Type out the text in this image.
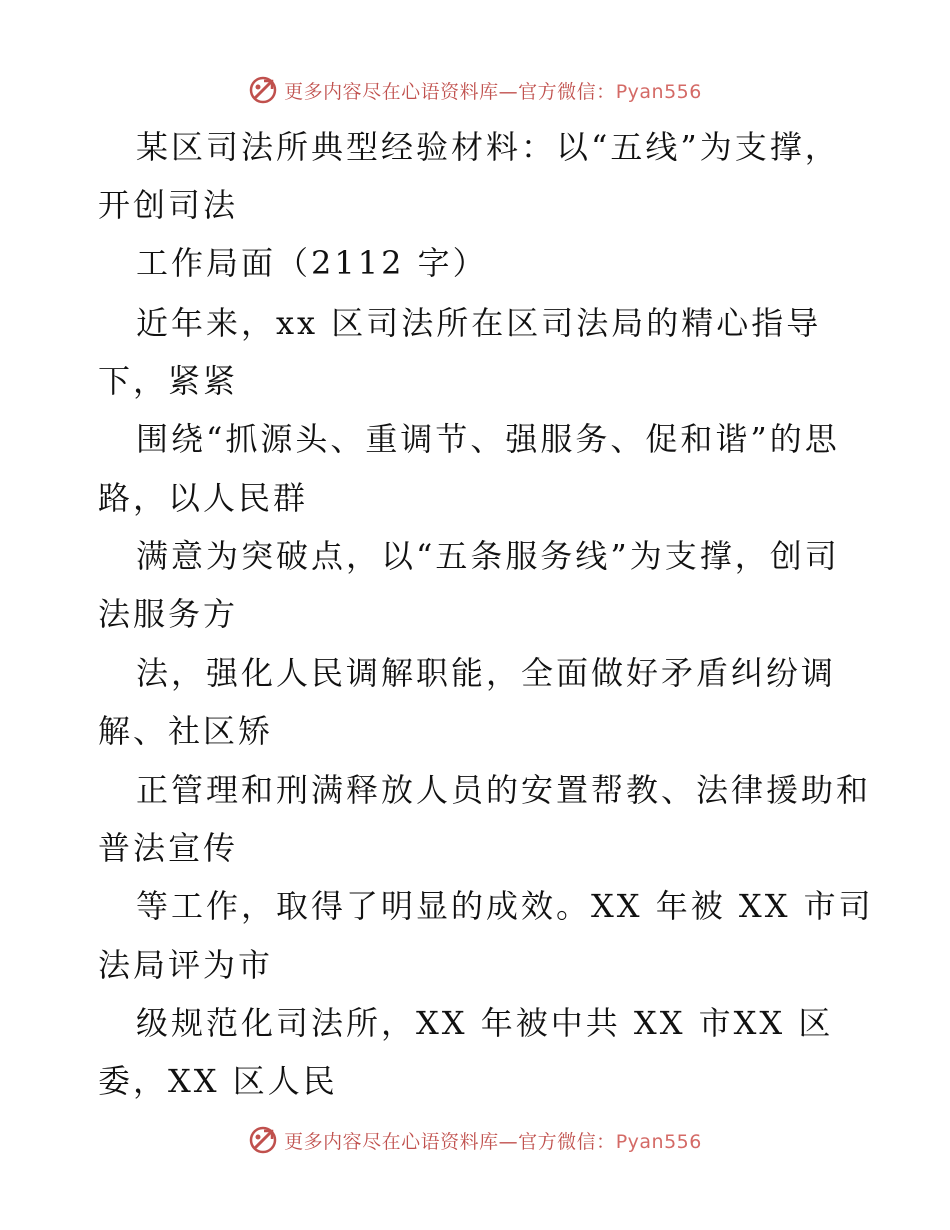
更多内容尽在心语资料库—官方微信：Pyan556
某区司法所典型经验材料：以“五线”为支撑，
开创司法
工作局面（2112 字）
近年来，xx 区司法所在区司法局的精心指导
下，紧紧
围绕“抓源头、重调节、强服务、促和谐”的思
路，以人民群
满意为突破点，以“五条服务线”为支撑，创司
法服务方
法，强化人民调解职能，全面做好矛盾纠纷调
解、社区矫
正管理和刑满释放人员的安置帮教、法律援助和
普法宣传
等工作，取得了明显的成效。XX 年被 XX 市司
法局评为市
级规范化司法所，XX 年被中共 XX 市XX 区
委，XX 区人民
更多内容尽在心语资料库—官方微信：Pyan556
